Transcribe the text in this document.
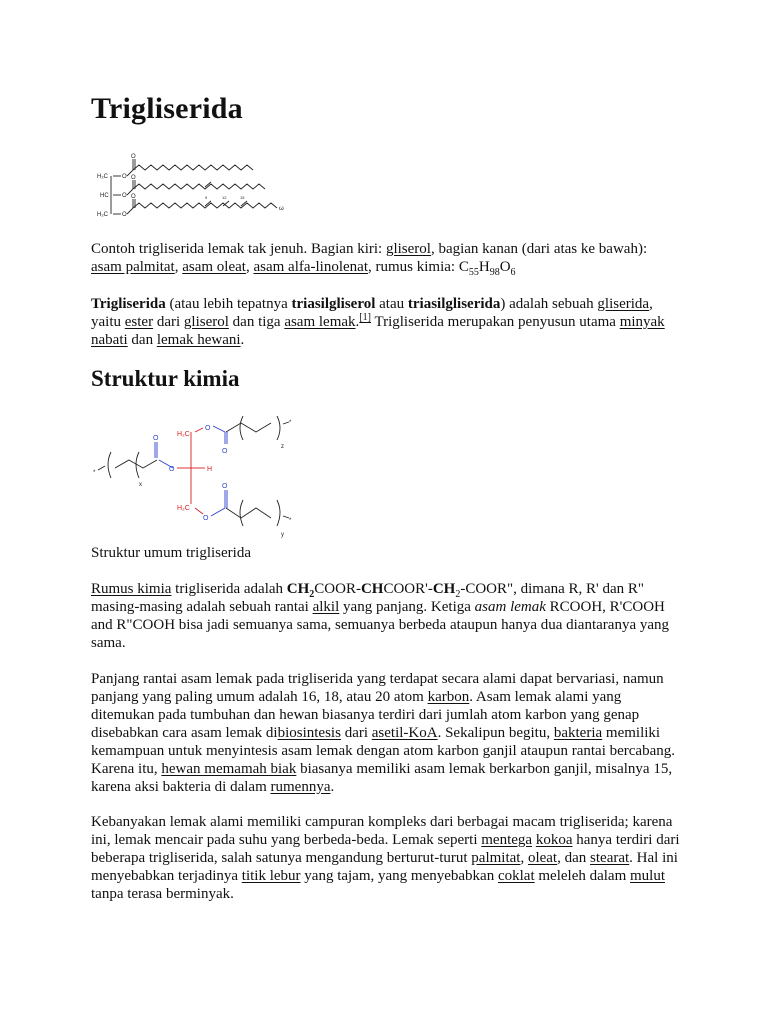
Trigliserida
H₂C
HC
H₂C
O
O
O
O
O
O	9	12	15
ω

Contoh trigliserida lemak tak jenuh. Bagian kiri: gliserol, bagian kanan (dari atas ke bawah): asam palmitat, asam oleat, asam alfa-linolenat, rumus kimia: $C_{55}H_{98}O_6$

Trigliserida (atau lebih tepatnya triasilgliserol atau triasilgliserida) adalah sebuah gliserida, yaitu ester dari gliserol dan tiga asam lemak.[1] Trigliserida merupakan penyusun utama minyak nabati dan lemak hewani.

Struktur kimia
H₂C
H₂C
H
O
O
O
O
O
O
z
y
x
*
*
*

Struktur umum trigliserida

Rumus kimia trigliserida adalah $CH_2COOR-CHCOOR'-CH_2$-COOR", dimana R, R' dan R" masing-masing adalah sebuah rantai alkil yang panjang. Ketiga asam lemak RCOOH, R'COOH and R"COOH bisa jadi semuanya sama, semuanya berbeda ataupun hanya dua diantaranya yang sama.

Panjang rantai asam lemak pada trigliserida yang terdapat secara alami dapat bervariasi, namun panjang yang paling umum adalah 16, 18, atau 20 atom karbon. Asam lemak alami yang ditemukan pada tumbuhan dan hewan biasanya terdiri dari jumlah atom karbon yang genap disebabkan cara asam lemak dibiosintesis dari asetil-KoA. Sekalipun begitu, bakteria memiliki kemampuan untuk menyintesis asam lemak dengan atom karbon ganjil ataupun rantai bercabang. Karena itu, hewan memamah biak biasanya memiliki asam lemak berkarbon ganjil, misalnya 15, karena aksi bakteria di dalam rumennya.

Kebanyakan lemak alami memiliki campuran kompleks dari berbagai macam trigliserida; karena ini, lemak mencair pada suhu yang berbeda-beda. Lemak seperti mentega kokoa hanya terdiri dari beberapa trigliserida, salah satunya mengandung berturut-turut palmitat, oleat, dan stearat. Hal ini menyebabkan terjadinya titik lebur yang tajam, yang menyebabkan coklat meleleh dalam mulut tanpa terasa berminyak.
